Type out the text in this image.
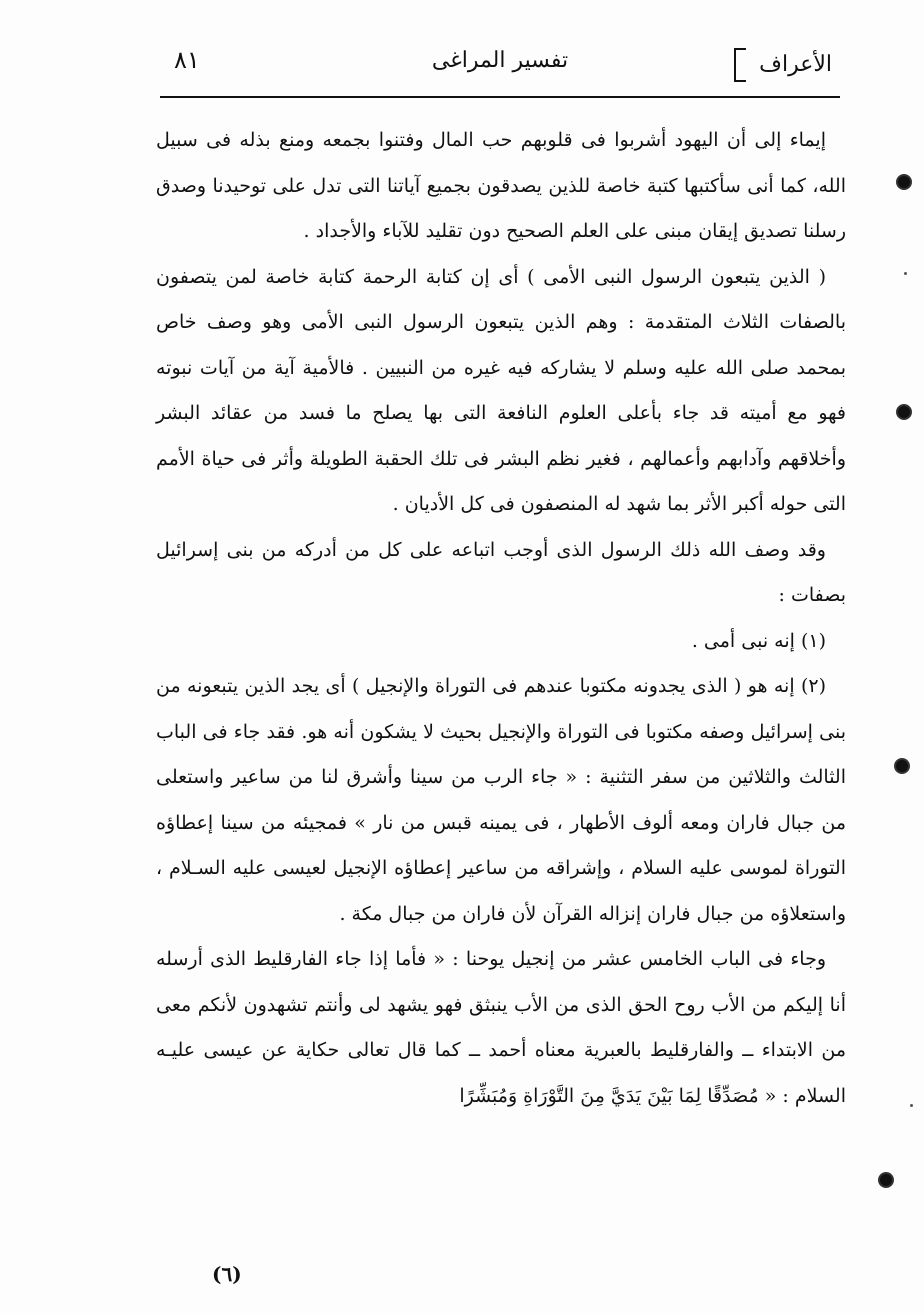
الأعراف
تفسير المراغى
٨١

إيماء إلى أن اليهود أشربوا فى قلوبهم حب المال وفتنوا بجمعه ومنع بذله فى سبيل الله، كما أنى سأكتبها كتبة خاصة للذين يصدقون بجميع آياتنا التى تدل على توحيدنا وصدق رسلنا تصديق إيقان مبنى على العلم الصحيح دون تقليد للآباء والأجداد .

( الذين يتبعون الرسول النبى الأمى ) أى إن كتابة الرحمة كتابة خاصة لمن يتصفون بالصفات الثلاث المتقدمة : وهم الذين يتبعون الرسول النبى الأمى وهو وصف خاص بمحمد صلى الله عليه وسلم لا يشاركه فيه غيره من النبيين . فالأمية آية من آيات نبوته فهو مع أميته قد جاء بأعلى العلوم النافعة التى بها يصلح ما فسد من عقائد البشر وأخلاقهم وآدابهم وأعمالهم ، فغير نظم البشر فى تلك الحقبة الطويلة وأثر فى حياة الأمم التى حوله أكبر الأثر بما شهد له المنصفون فى كل الأديان .

وقد وصف الله ذلك الرسول الذى أوجب اتباعه على كل من أدركه من بنى إسرائيل بصفات :

(١) إنه نبى أمى .

(٢) إنه هو ( الذى يجدونه مكتوبا عندهم فى التوراة والإنجيل ) أى يجد الذين يتبعونه من بنى إسرائيل وصفه مكتوبا فى التوراة والإنجيل بحيث لا يشكون أنه هو. فقد جاء فى الباب الثالث والثلاثين من سفر التثنية : « جاء الرب من سينا وأشرق لنا من ساعير واستعلى من جبال فاران ومعه ألوف الأطهار ، فى يمينه قبس من نار » فمجيئه من سينا إعطاؤه التوراة لموسى عليه السلام ، وإشراقه من ساعير إعطاؤه الإنجيل لعيسى عليه السـلام ، واستعلاؤه من جبال فاران إنزاله القرآن لأن فاران من جبال مكة .

وجاء فى الباب الخامس عشر من إنجيل يوحنا : « فأما إذا جاء الفارقليط الذى أرسله أنا إليكم من الأب روح الحق الذى من الأب ينبثق فهو يشهد لى وأنتم تشهدون لأنكم معى من الابتداء ــ والفارقليط بالعبرية معناه أحمد ــ كما قال تعالى حكاية عن عيسى عليـه السلام : « مُصَدِّقًا لِمَا بَيْنَ يَدَيَّ مِنَ التَّوْرَاةِ وَمُبَشِّرًا

(٦)
